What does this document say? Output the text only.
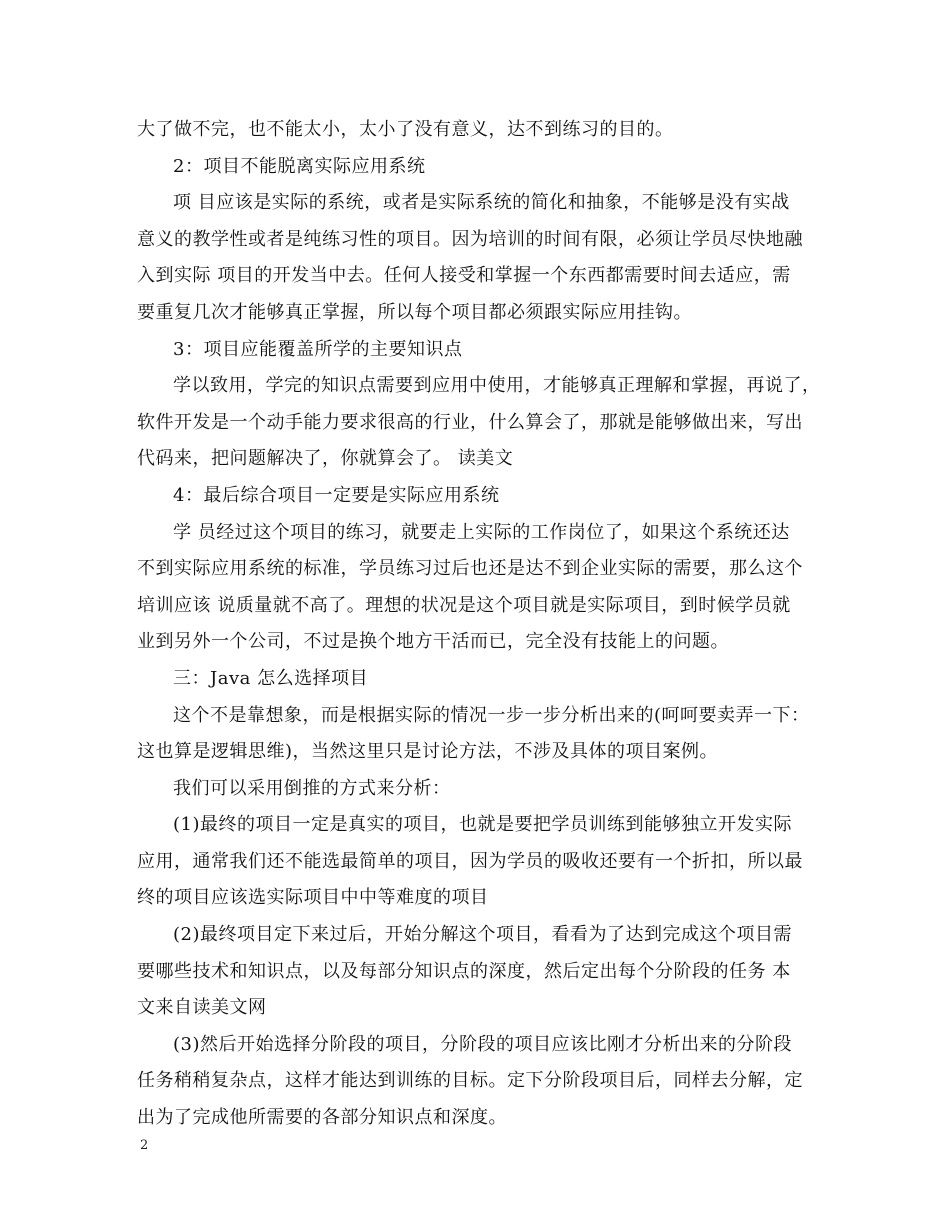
大了做不完，也不能太小，太小了没有意义，达不到练习的目的。
2：项目不能脱离实际应用系统
项 目应该是实际的系统，或者是实际系统的简化和抽象，不能够是没有实战
意义的教学性或者是纯练习性的项目。因为培训的时间有限，必须让学员尽快地融
入到实际 项目的开发当中去。任何人接受和掌握一个东西都需要时间去适应，需
要重复几次才能够真正掌握，所以每个项目都必须跟实际应用挂钩。
3：项目应能覆盖所学的主要知识点
学以致用，学完的知识点需要到应用中使用，才能够真正理解和掌握，再说了，
软件开发是一个动手能力要求很高的行业，什么算会了，那就是能够做出来，写出
代码来，把问题解决了，你就算会了。 读美文
4：最后综合项目一定要是实际应用系统
学 员经过这个项目的练习，就要走上实际的工作岗位了，如果这个系统还达
不到实际应用系统的标准，学员练习过后也还是达不到企业实际的需要，那么这个
培训应该 说质量就不高了。理想的状况是这个项目就是实际项目，到时候学员就
业到另外一个公司，不过是换个地方干活而已，完全没有技能上的问题。
三：Java 怎么选择项目
这个不是靠想象，而是根据实际的情况一步一步分析出来的(呵呵要卖弄一下：
这也算是逻辑思维)，当然这里只是讨论方法，不涉及具体的项目案例。
我们可以采用倒推的方式来分析：
(1)最终的项目一定是真实的项目，也就是要把学员训练到能够独立开发实际
应用，通常我们还不能选最简单的项目，因为学员的吸收还要有一个折扣，所以最
终的项目应该选实际项目中中等难度的项目
(2)最终项目定下来过后，开始分解这个项目，看看为了达到完成这个项目需
要哪些技术和知识点，以及每部分知识点的深度，然后定出每个分阶段的任务 本
文来自读美文网
(3)然后开始选择分阶段的项目，分阶段的项目应该比刚才分析出来的分阶段
任务稍稍复杂点，这样才能达到训练的目标。定下分阶段项目后，同样去分解，定
出为了完成他所需要的各部分知识点和深度。
2
